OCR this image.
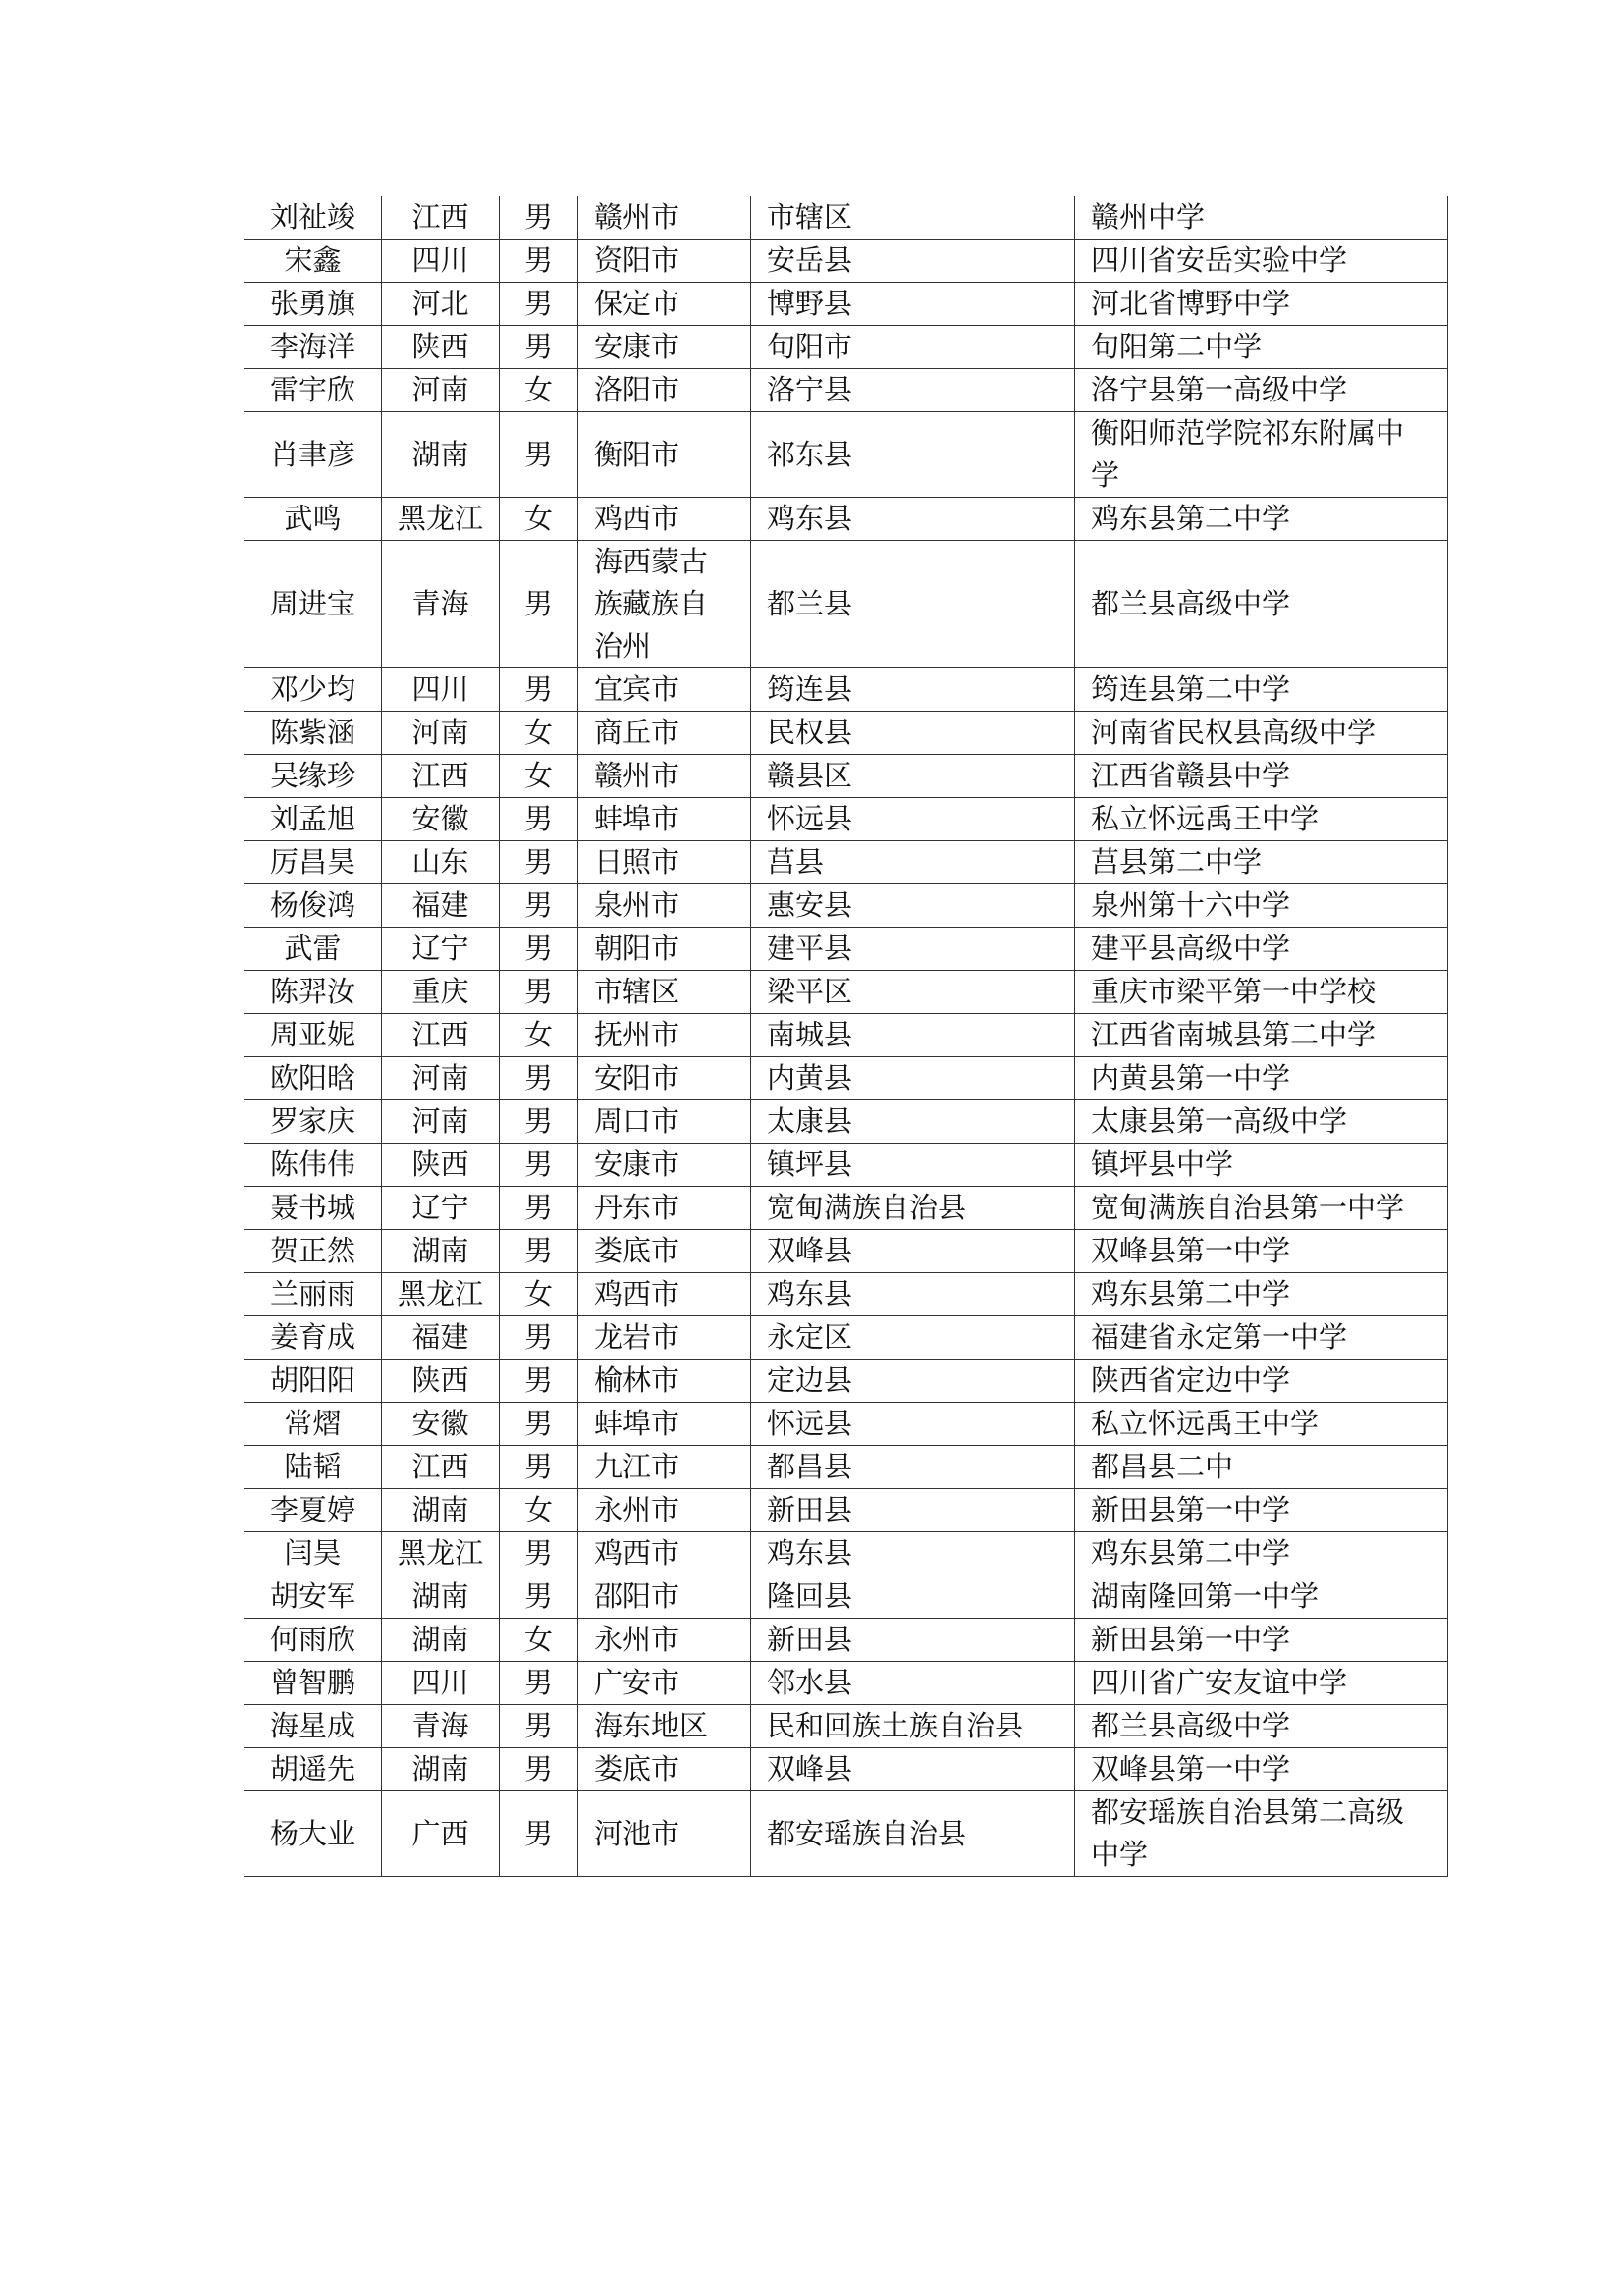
刘祉竣	江西	男	赣州市	市辖区	赣州中学
宋鑫	四川	男	资阳市	安岳县	四川省安岳实验中学
张勇旗	河北	男	保定市	博野县	河北省博野中学
李海洋	陕西	男	安康市	旬阳市	旬阳第二中学
雷宇欣	河南	女	洛阳市	洛宁县	洛宁县第一高级中学
肖聿彦	湖南	男	衡阳市	祁东县	衡阳师范学院祁东附属中学
武鸣	黑龙江	女	鸡西市	鸡东县	鸡东县第二中学
周进宝	青海	男	海西蒙古族藏族自治州	都兰县	都兰县高级中学
邓少均	四川	男	宜宾市	筠连县	筠连县第二中学
陈紫涵	河南	女	商丘市	民权县	河南省民权县高级中学
吴缘珍	江西	女	赣州市	赣县区	江西省赣县中学
刘孟旭	安徽	男	蚌埠市	怀远县	私立怀远禹王中学
厉昌昊	山东	男	日照市	莒县	莒县第二中学
杨俊鸿	福建	男	泉州市	惠安县	泉州第十六中学
武雷	辽宁	男	朝阳市	建平县	建平县高级中学
陈羿汝	重庆	男	市辖区	梁平区	重庆市梁平第一中学校
周亚妮	江西	女	抚州市	南城县	江西省南城县第二中学
欧阳晗	河南	男	安阳市	内黄县	内黄县第一中学
罗家庆	河南	男	周口市	太康县	太康县第一高级中学
陈伟伟	陕西	男	安康市	镇坪县	镇坪县中学
聂书城	辽宁	男	丹东市	宽甸满族自治县	宽甸满族自治县第一中学
贺正然	湖南	男	娄底市	双峰县	双峰县第一中学
兰丽雨	黑龙江	女	鸡西市	鸡东县	鸡东县第二中学
姜育成	福建	男	龙岩市	永定区	福建省永定第一中学
胡阳阳	陕西	男	榆林市	定边县	陕西省定边中学
常熠	安徽	男	蚌埠市	怀远县	私立怀远禹王中学
陆韬	江西	男	九江市	都昌县	都昌县二中
李夏婷	湖南	女	永州市	新田县	新田县第一中学
闫昊	黑龙江	男	鸡西市	鸡东县	鸡东县第二中学
胡安军	湖南	男	邵阳市	隆回县	湖南隆回第一中学
何雨欣	湖南	女	永州市	新田县	新田县第一中学
曾智鹏	四川	男	广安市	邻水县	四川省广安友谊中学
海星成	青海	男	海东地区	民和回族土族自治县	都兰县高级中学
胡遥先	湖南	男	娄底市	双峰县	双峰县第一中学
杨大业	广西	男	河池市	都安瑶族自治县	都安瑶族自治县第二高级中学
